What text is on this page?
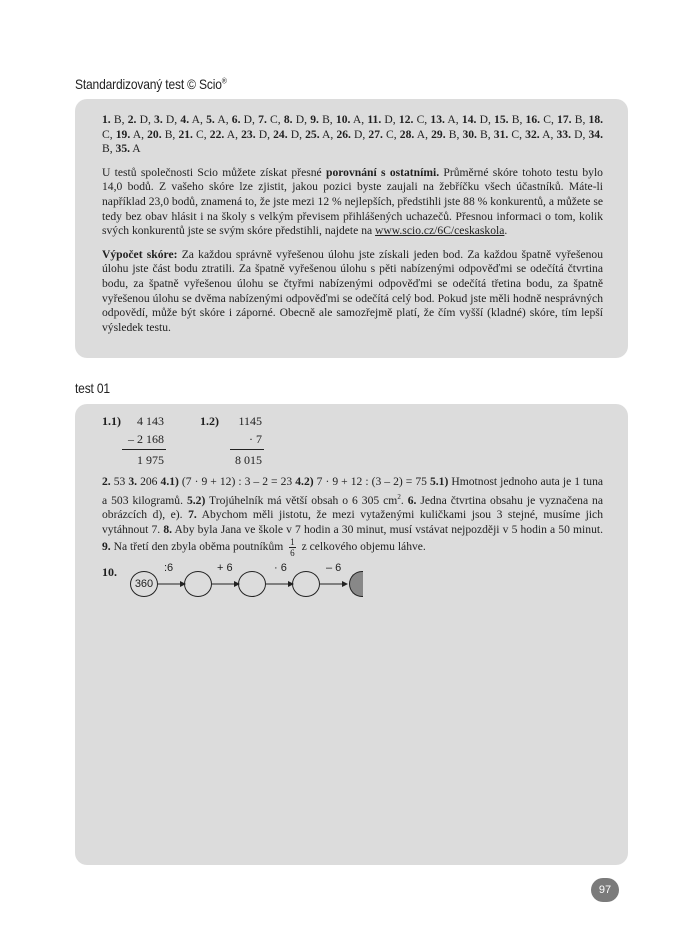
Standardizovaný test © Scio®

1. B, 2. D, 3. D, 4. A, 5. A, 6. D, 7. C, 8. D, 9. B, 10. A, 11. D, 12. C, 13. A, 14. D, 15. B, 16. C, 17. B, 18. C, 19. A, 20. B, 21. C, 22. A, 23. D, 24. D, 25. A, 26. D, 27. C, 28. A, 29. B, 30. B, 31. C, 32. A, 33. D, 34. B, 35. A

U testů společnosti Scio můžete získat přesné porovnání s ostatními. Průměrné skóre tohoto testu bylo 14,0 bodů. Z vašeho skóre lze zjistit, jakou pozici byste zaujali na žebříčku všech účastníků. Máte-li například 23,0 bodů, znamená to, že jste mezi 12 % nejlepších, předstihli jste 88 % konkurentů, a můžete se tedy bez obav hlásit i na školy s velkým převisem přihlášených uchazečů. Přesnou informaci o tom, kolik svých konkurentů jste se svým skóre předstihli, najdete na www.scio.cz/6C/ceskaskola.

Výpočet skóre: Za každou správně vyřešenou úlohu jste získali jeden bod. Za každou špatně vyřešenou úlohu jste část bodu ztratili. Za špatně vyřešenou úlohu s pěti nabízenými odpověďmi se odečítá čtvrtina bodu, za špatně vyřešenou úlohu se čtyřmi nabízenými odpověďmi se odečítá třetina bodu, za špatně vyřešenou úlohu se dvěma nabízenými odpověďmi se odečítá celý bod. Pokud jste měli hodně nesprávných odpovědí, může být skóre i záporné. Obecně ale samozřejmě platí, že čím vyšší (kladné) skóre, tím lepší výsledek testu.

test 01
1.1)	4 143
– 2 168
1 975
1.2)	1145
· 7
8 015

2. 53 3. 206 4.1) (7 · 9 + 12) : 3 – 2 = 23 4.2) 7 · 9 + 12 : (3 – 2) = 75 5.1) Hmotnost jednoho auta je 1 tuna a 503 kilogramů. 5.2) Trojúhelník má větší obsah o 6 305 $cm^2$. 6. Jedna čtvrtina obsahu je vyznačena na obrázcích d), e). 7. Abychom měli jistotu, že mezi vytaženými kuličkami jsou 3 stejné, musíme jich vytáhnout 7. 8. Aby byla Jana ve škole v 7 hodin a 30 minut, musí vstávat nejpozději v 5 hodin a 50 minut. 9. Na třetí den zbyla oběma poutníkům $\frac{1}{6}$ z celkového objemu láhve.

10.
360
:6	+ 6	· 6	– 6
97
